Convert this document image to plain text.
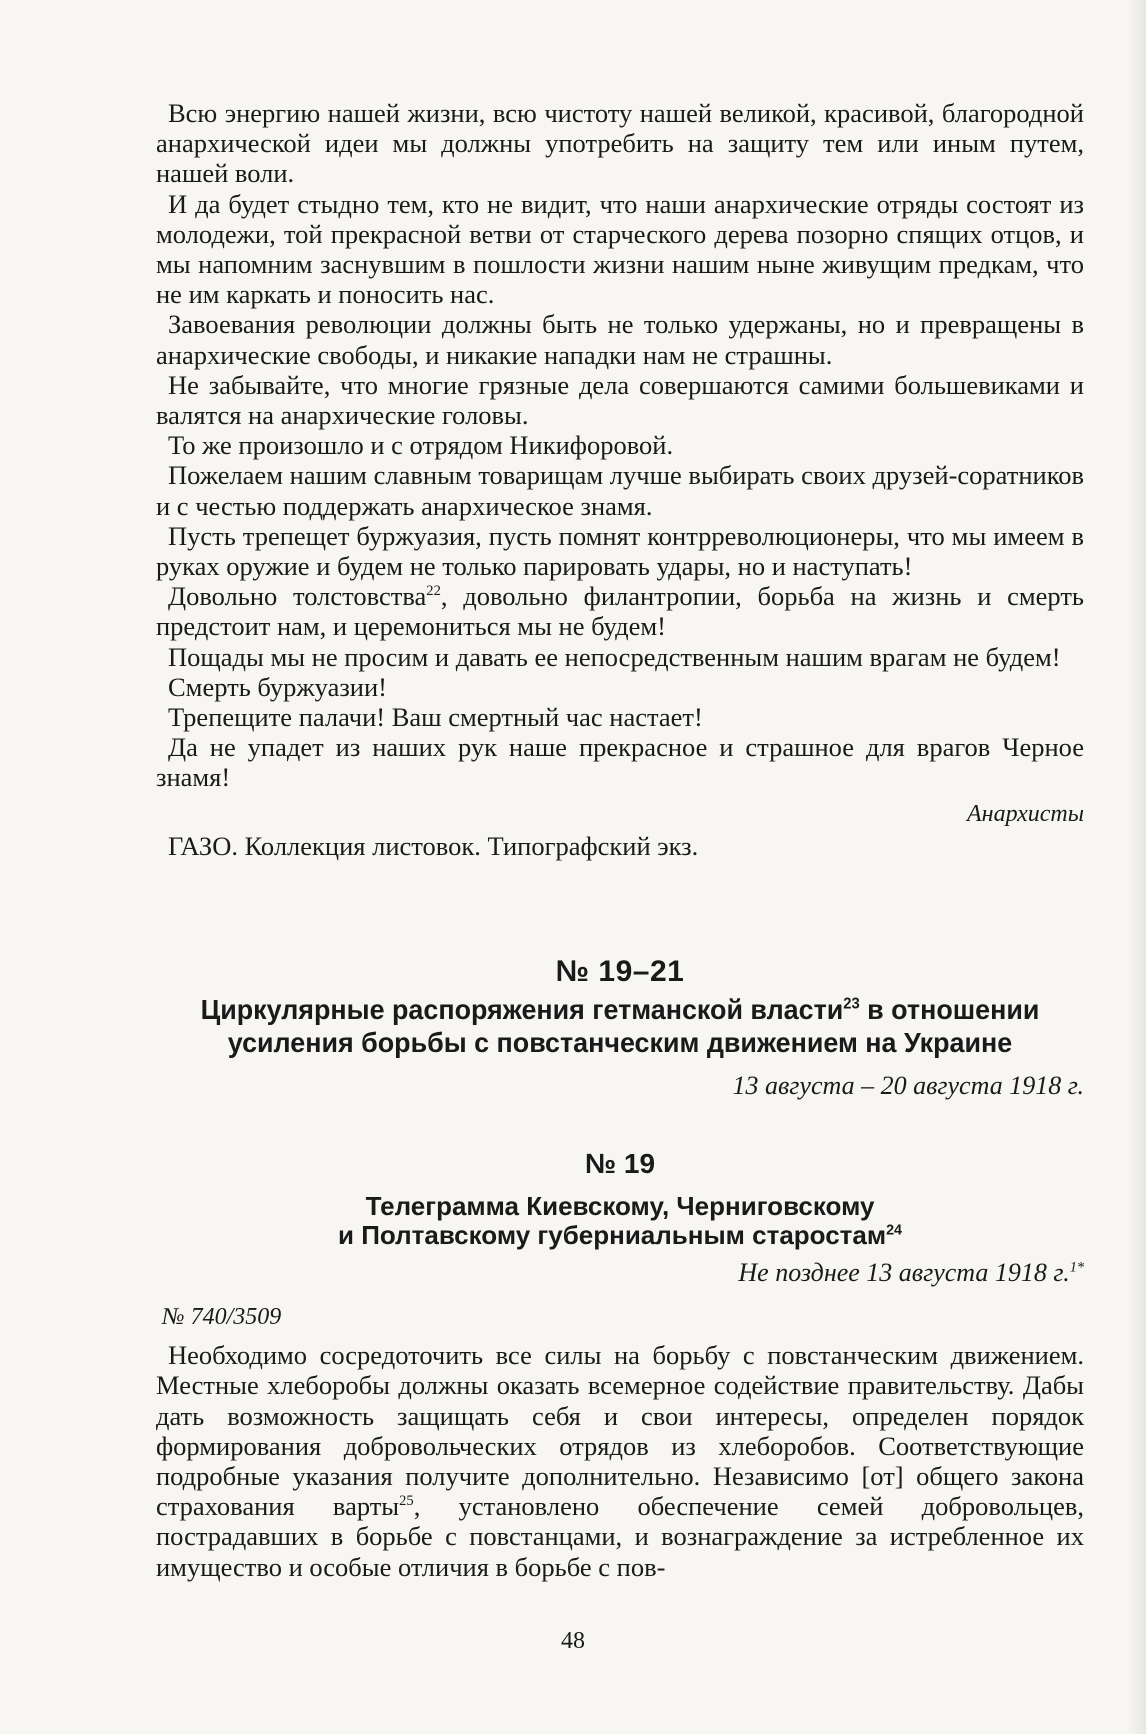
Всю энергию нашей жизни, всю чистоту нашей великой, красивой, благородной анархической идеи мы должны употребить на защиту тем или иным путем, нашей воли.

И да будет стыдно тем, кто не видит, что наши анархические отряды состоят из молодежи, той прекрасной ветви от старческого дерева позорно спящих отцов, и мы напомним заснувшим в пошлости жизни нашим ныне живущим предкам, что не им каркать и поносить нас.

Завоевания революции должны быть не только удержаны, но и превращены в анархические свободы, и никакие нападки нам не страшны.

Не забывайте, что многие грязные дела совершаются самими большевиками и валятся на анархические головы.

То же произошло и с отрядом Никифоровой.

Пожелаем нашим славным товарищам лучше выбирать своих друзей-соратников и с честью поддержать анархическое знамя.

Пусть трепещет буржуазия, пусть помнят контрреволюционеры, что мы имеем в руках оружие и будем не только парировать удары, но и наступать!

Довольно толстовства$^{22}$, довольно филантропии, борьба на жизнь и смерть предстоит нам, и церемониться мы не будем!

Пощады мы не просим и давать ее непосредственным нашим врагам не будем!

Смерть буржуазии!

Трепещите палачи! Ваш смертный час настает!

Да не упадет из наших рук наше прекрасное и страшное для врагов Черное знамя!

Анархисты

ГАЗО. Коллекция листовок. Типографский экз.

№ 19–21
Циркулярные распоряжения гетманской власти$^{23}$ в отношении
усиления борьбы с повстанческим движением на Украине
13 августа – 20 августа 1918 г.
№ 19
Телеграмма Киевскому, Черниговскому
и Полтавскому губерниальным старостам$^{24}$
Не позднее 13 августа 1918 г.$^{1*}$
№ 740/3509

Необходимо сосредоточить все силы на борьбу с повстанческим движением. Местные хлеборобы должны оказать всемерное содействие правительству. Дабы дать возможность защищать себя и свои интересы, определен порядок формирования добровольческих отрядов из хлеборобов. Соответствующие подробные указания получите дополнительно. Независимо [от] общего закона страхования варты$^{25}$, установлено обеспечение семей добровольцев, пострадавших в борьбе с повстанцами, и вознаграждение за истребленное их имущество и особые отличия в борьбе с пов-

48
